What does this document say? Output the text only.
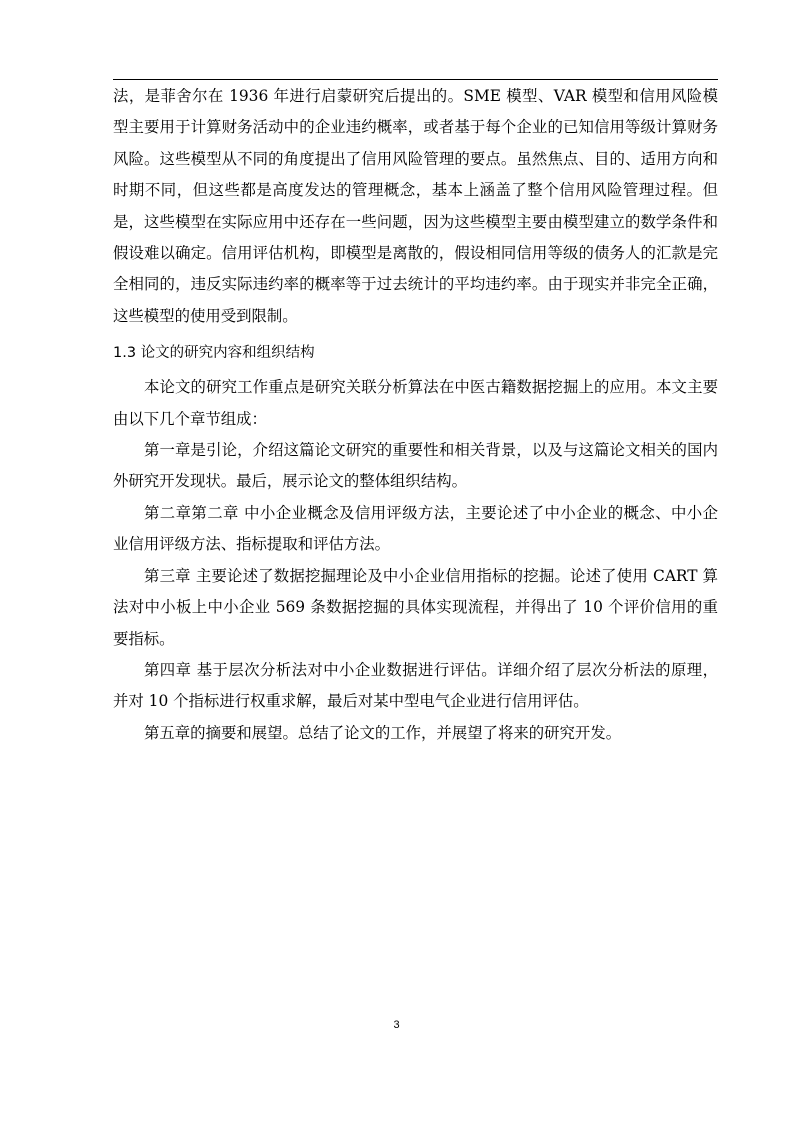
法，是菲舍尔在 1936 年进行启蒙研究后提出的。SME 模型、VAR 模型和信用风险模型主要用于计算财务活动中的企业违约概率，或者基于每个企业的已知信用等级计算财务风险。这些模型从不同的角度提出了信用风险管理的要点。虽然焦点、目的、适用方向和时期不同，但这些都是高度发达的管理概念，基本上涵盖了整个信用风险管理过程。但是，这些模型在实际应用中还存在一些问题，因为这些模型主要由模型建立的数学条件和假设难以确定。信用评估机构，即模型是离散的，假设相同信用等级的债务人的汇款是完全相同的，违反实际违约率的概率等于过去统计的平均违约率。由于现实并非完全正确，这些模型的使用受到限制。

1.3 论文的研究内容和组织结构

本论文的研究工作重点是研究关联分析算法在中医古籍数据挖掘上的应用。本文主要由以下几个章节组成：

第一章是引论，介绍这篇论文研究的重要性和相关背景，以及与这篇论文相关的国内外研究开发现状。最后，展示论文的整体组织结构。

第二章第二章 中小企业概念及信用评级方法，主要论述了中小企业的概念、中小企业信用评级方法、指标提取和评估方法。

第三章 主要论述了数据挖掘理论及中小企业信用指标的挖掘。论述了使用 CART 算法对中小板上中小企业 569 条数据挖掘的具体实现流程，并得出了 10 个评价信用的重要指标。

第四章 基于层次分析法对中小企业数据进行评估。详细介绍了层次分析法的原理，并对 10 个指标进行权重求解，最后对某中型电气企业进行信用评估。

第五章的摘要和展望。总结了论文的工作，并展望了将来的研究开发。

3
